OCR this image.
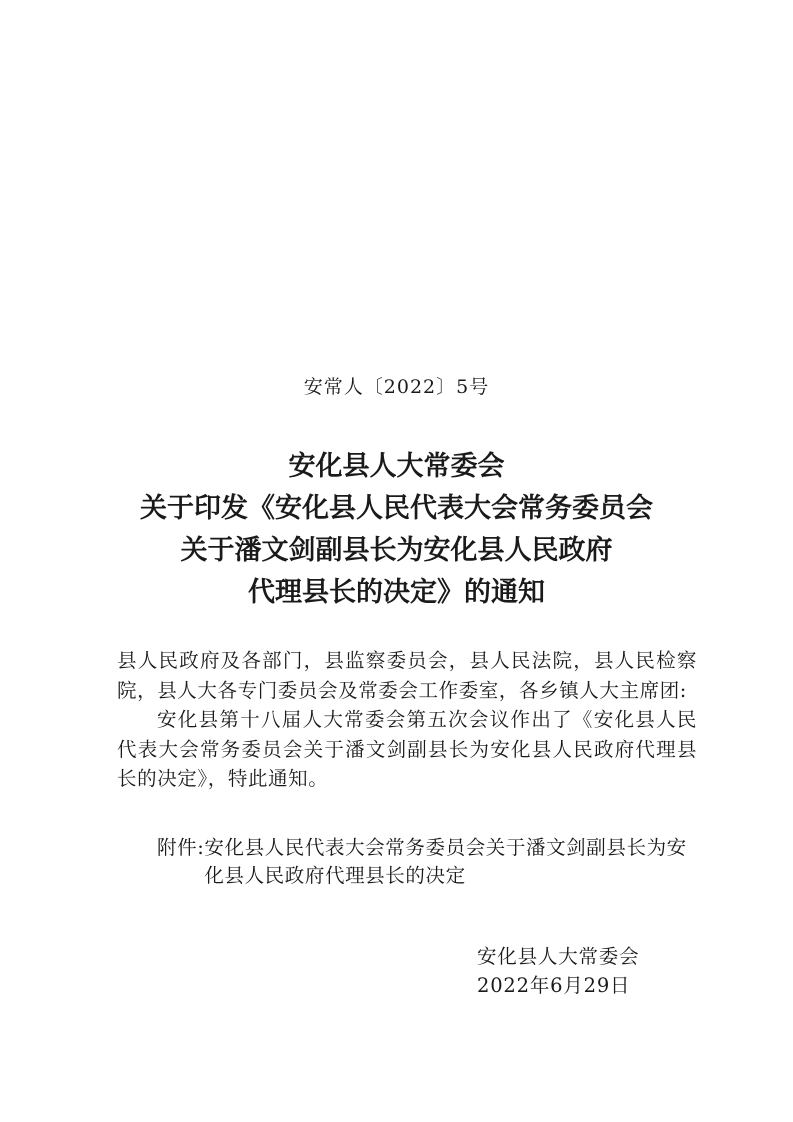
安常人〔2022〕5号
安化县人大常委会
关于印发《安化县人民代表大会常务委员会
关于潘文剑副县长为安化县人民政府
代理县长的决定》的通知

县人民政府及各部门，县监察委员会，县人民法院，县人民检察院，县人大各专门委员会及常委会工作委室，各乡镇人大主席团:

安化县第十八届人大常委会第五次会议作出了《安化县人民代表大会常务委员会关于潘文剑副县长为安化县人民政府代理县长的决定》，特此通知。

附件: 安化县人民代表大会常务委员会关于潘文剑副县长为安化县人民政府代理县长的决定
安化县人大常委会
2022年6月29日
